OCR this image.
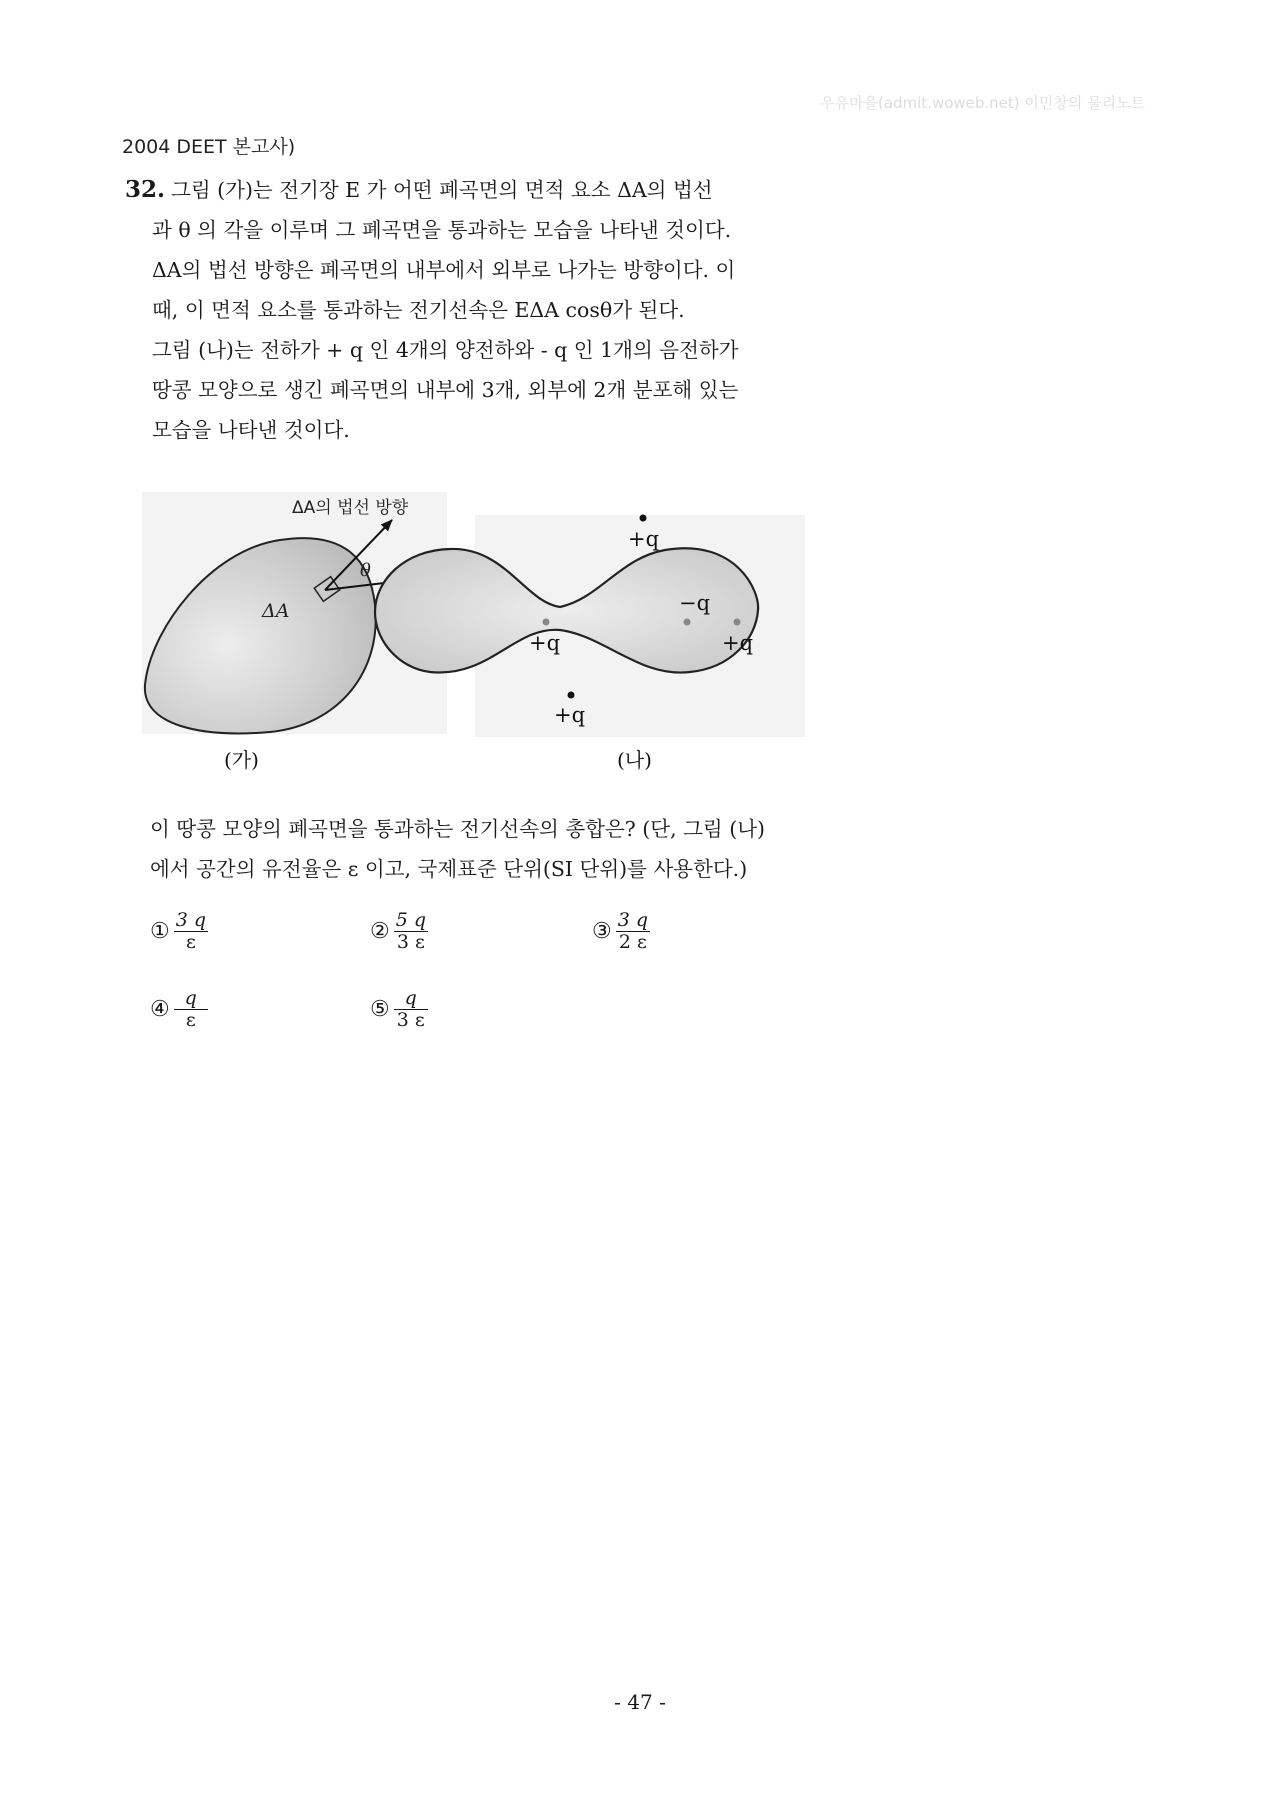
우유마을(admit.woweb.net) 이민창의 물리노트
2004 DEET 본고사)
32. 그림 (가)는 전기장 E 가 어떤 폐곡면의 면적 요소 ΔA의 법선
과 θ 의 각을 이루며 그 폐곡면을 통과하는 모습을 나타낸 것이다.
ΔA의 법선 방향은 폐곡면의 내부에서 외부로 나가는 방향이다. 이
때, 이 면적 요소를 통과하는 전기선속은 EΔA cosθ가 된다.
그림 (나)는 전하가 + q 인 4개의 양전하와 - q 인 1개의 음전하가
땅콩 모양으로 생긴 폐곡면의 내부에 3개, 외부에 2개 분포해 있는
모습을 나타낸 것이다.
ΔA의 법선 방향
θ
ΔA
+q
+q
−q
+q
+q
(가)	(나)
이 땅콩 모양의 폐곡면을 통과하는 전기선속의 총합은? (단, 그림 (나)
에서 공간의 유전율은 ε 이고, 국제표준 단위(SI 단위)를 사용한다.)
① $\frac{3 q}{\varepsilon}$	② $\frac{5 q}{3 \varepsilon}$	③ $\frac{3 q}{2 \varepsilon}$
④ $\frac{q}{\varepsilon}$	⑤ $\frac{q}{3 \varepsilon}$
- 47 -
